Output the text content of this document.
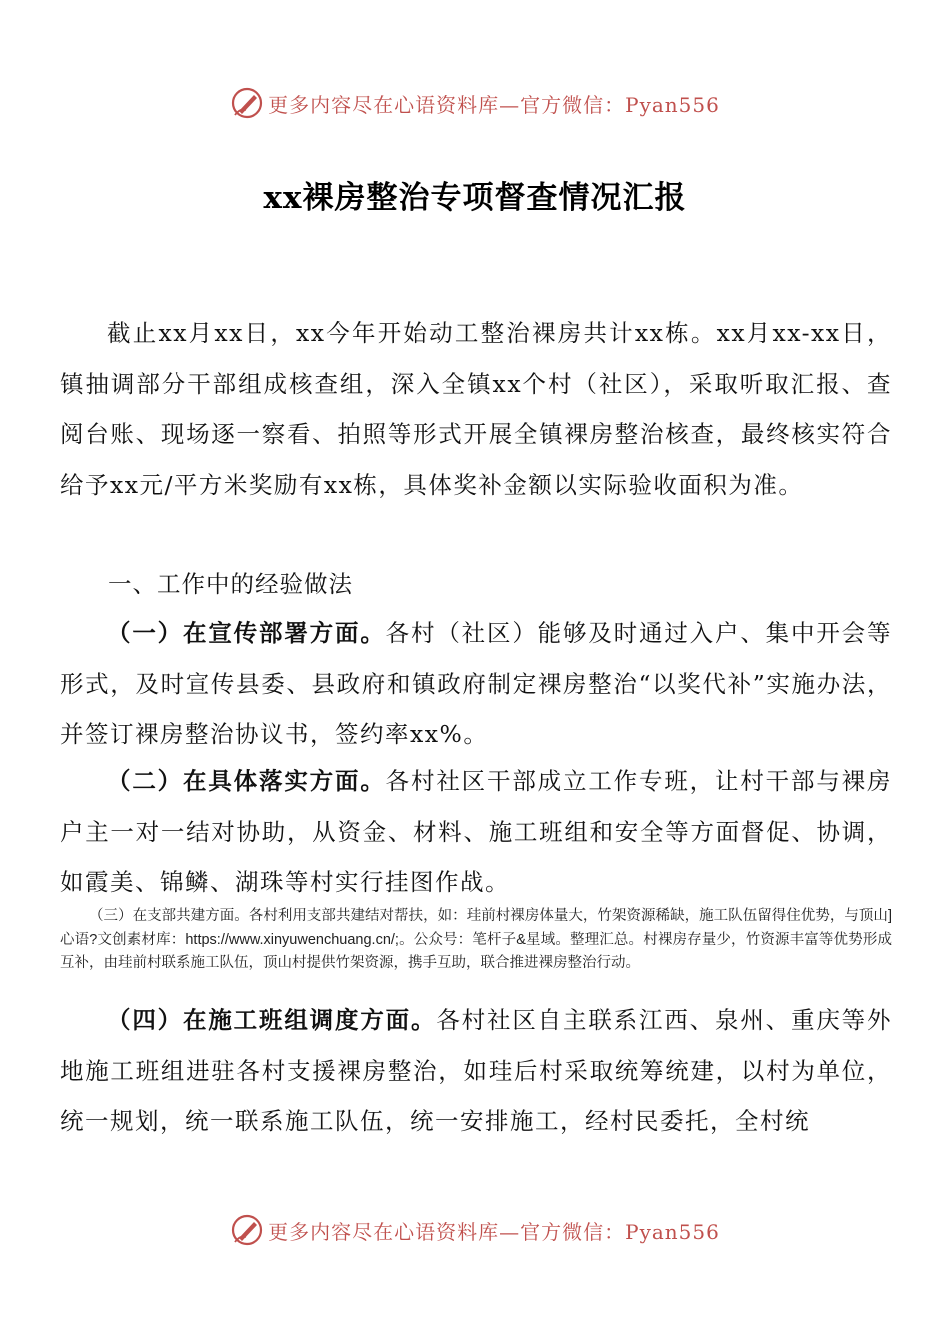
更多内容尽在心语资料库—官方微信：Pyan556
xx裸房整治专项督查情况汇报

截止xx月xx日，xx今年开始动工整治裸房共计xx栋。xx月xx-xx日，镇抽调部分干部组成核查组，深入全镇xx个村（社区），采取听取汇报、查阅台账、现场逐一察看、拍照等形式开展全镇裸房整治核查，最终核实符合给予xx元/平方米奖励有xx栋，具体奖补金额以实际验收面积为准。

一、工作中的经验做法

（一）在宣传部署方面。各村（社区）能够及时通过入户、集中开会等形式，及时宣传县委、县政府和镇政府制定裸房整治“以奖代补”实施办法，并签订裸房整治协议书，签约率xx%。

（二）在具体落实方面。各村社区干部成立工作专班，让村干部与裸房户主一对一结对协助，从资金、材料、施工班组和安全等方面督促、协调，如霞美、锦鳞、湖珠等村实行挂图作战。

（三）在支部共建方面。各村利用支部共建结对帮扶，如：珪前村裸房体量大，竹架资源稀缺，施工队伍留得住优势，与顶山]心语?文创素材库：https://www.xinyuwenchuang.cn/;。公众号：笔杆子&星域。整理汇总。村裸房存量少，竹资源丰富等优势形成互补，由珪前村联系施工队伍，顶山村提供竹架资源，携手互助，联合推进裸房整治行动。

（四）在施工班组调度方面。各村社区自主联系江西、泉州、重庆等外地施工班组进驻各村支援裸房整治，如珪后村采取统筹统建，以村为单位，统一规划，统一联系施工队伍，统一安排施工，经村民委托，全村统

更多内容尽在心语资料库—官方微信：Pyan556
